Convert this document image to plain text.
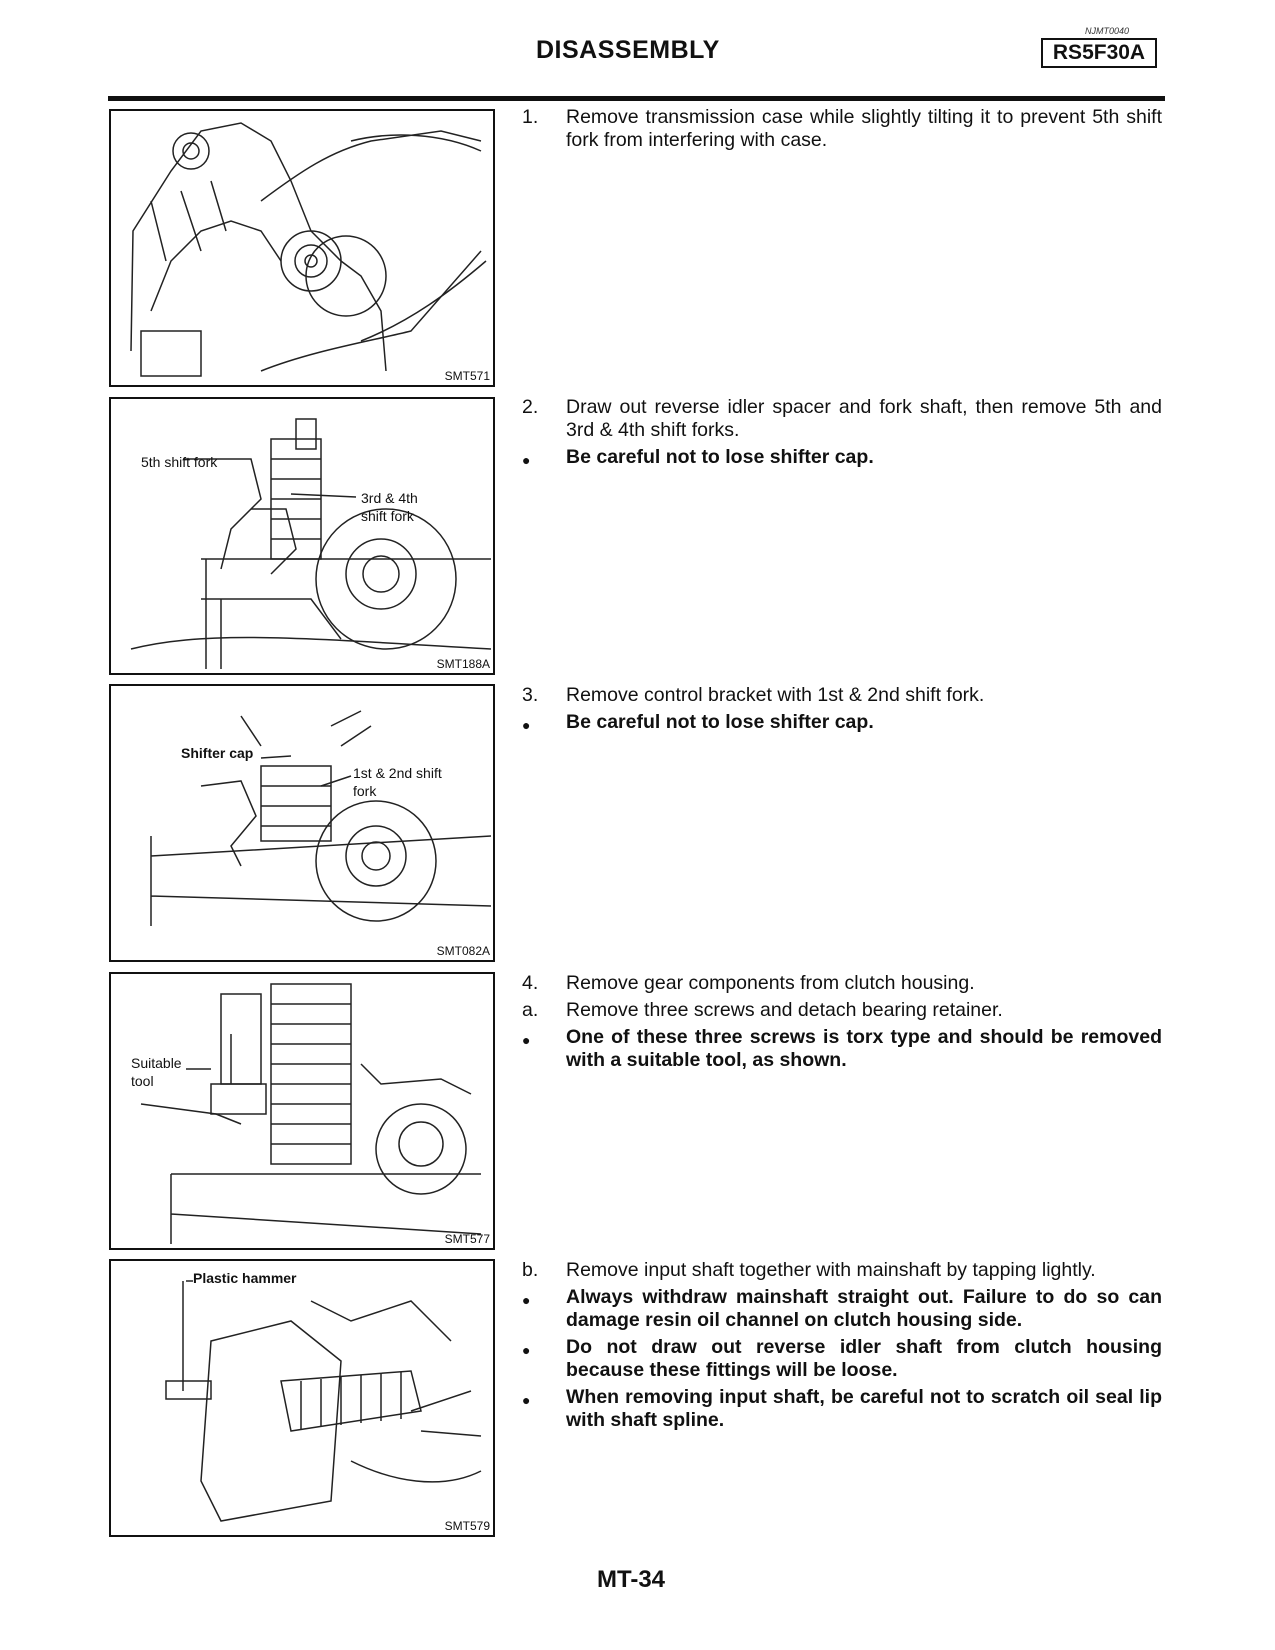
NJMT0040
DISASSEMBLY	RS5F30A
SMT571
5th shift fork
3rd & 4th shift fork
SMT188A
Shifter cap
1st & 2nd shift fork
SMT082A
Suitable tool
SMT577
Plastic hammer
SMT579
1.	Remove transmission case while slightly tilting it to prevent 5th shift fork from interfering with case.
2.	Draw out reverse idler spacer and fork shaft, then remove 5th and 3rd & 4th shift forks.
●	Be careful not to lose shifter cap.
3.	Remove control bracket with 1st & 2nd shift fork.
●	Be careful not to lose shifter cap.
4.	Remove gear components from clutch housing.
a.	Remove three screws and detach bearing retainer.
●	One of these three screws is torx type and should be removed with a suitable tool, as shown.
b.	Remove input shaft together with mainshaft by tapping lightly.
●	Always withdraw mainshaft straight out. Failure to do so can damage resin oil channel on clutch housing side.
●	Do not draw out reverse idler shaft from clutch housing because these fittings will be loose.
●	When removing input shaft, be careful not to scratch oil seal lip with shaft spline.
MT-34
